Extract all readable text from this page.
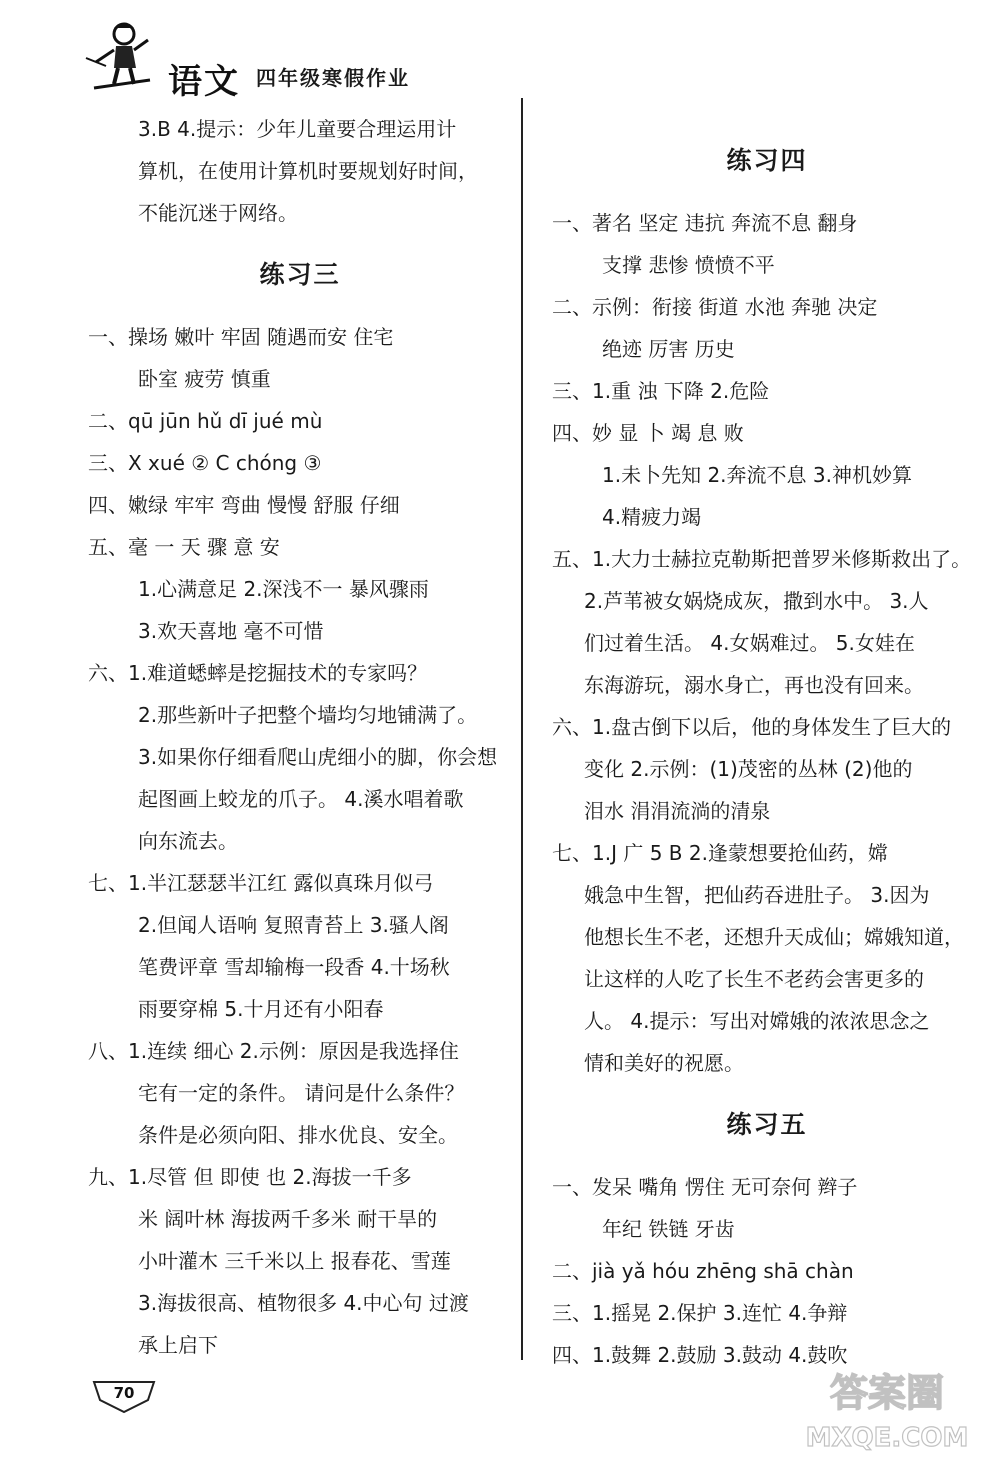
语文 四年级寒假作业
3.B 4.提示：少年儿童要合理运用计
算机，在使用计算机时要规划好时间，
不能沉迷于网络。
练习三
一、操场 嫩叶 牢固 随遇而安 住宅
卧室 疲劳 慎重
二、qū jūn hǔ dī jué mù
三、X xué ② C chóng ③
四、嫩绿 牢牢 弯曲 慢慢 舒服 仔细
五、毫 一 天 骤 意 安
1.心满意足 2.深浅不一 暴风骤雨
3.欢天喜地 毫不可惜
六、1.难道蟋蟀是挖掘技术的专家吗？
2.那些新叶子把整个墙均匀地铺满了。
3.如果你仔细看爬山虎细小的脚，你会想
起图画上蛟龙的爪子。 4.溪水唱着歌
向东流去。
七、1.半江瑟瑟半江红 露似真珠月似弓
2.但闻人语响 复照青苔上 3.骚人阁
笔费评章 雪却输梅一段香 4.十场秋
雨要穿棉 5.十月还有小阳春
八、1.连续 细心 2.示例：原因是我选择住
宅有一定的条件。 请问是什么条件？
条件是必须向阳、排水优良、安全。
九、1.尽管 但 即使 也 2.海拔一千多
米 阔叶林 海拔两千多米 耐干旱的
小叶灌木 三千米以上 报春花、雪莲
3.海拔很高、植物很多 4.中心句 过渡
承上启下
练习四
一、著名 坚定 违抗 奔流不息 翻身
支撑 悲惨 愤愤不平
二、示例：衔接 街道 水池 奔驰 决定
绝迹 厉害 历史
三、1.重 浊 下降 2.危险
四、妙 显 卜 竭 息 败
1.未卜先知 2.奔流不息 3.神机妙算
4.精疲力竭
五、1.大力士赫拉克勒斯把普罗米修斯救出了。
2.芦苇被女娲烧成灰，撒到水中。 3.人
们过着生活。 4.女娲难过。 5.女娃在
东海游玩，溺水身亡，再也没有回来。
六、1.盘古倒下以后，他的身体发生了巨大的
变化 2.示例：(1)茂密的丛林 (2)他的
泪水 涓涓流淌的清泉
七、1.J 广 5 B 2.逢蒙想要抢仙药，嫦
娥急中生智，把仙药吞进肚子。 3.因为
他想长生不老，还想升天成仙；嫦娥知道，
让这样的人吃了长生不老药会害更多的
人。 4.提示：写出对嫦娥的浓浓思念之
情和美好的祝愿。
练习五
一、发呆 嘴角 愣住 无可奈何 辫子
年纪 铁链 牙齿
二、jià yǎ hóu zhēng shā chàn
三、1.摇晃 2.保护 3.连忙 4.争辩
四、1.鼓舞 2.鼓励 3.鼓动 4.鼓吹
70	答案圈
MXQE.COM
